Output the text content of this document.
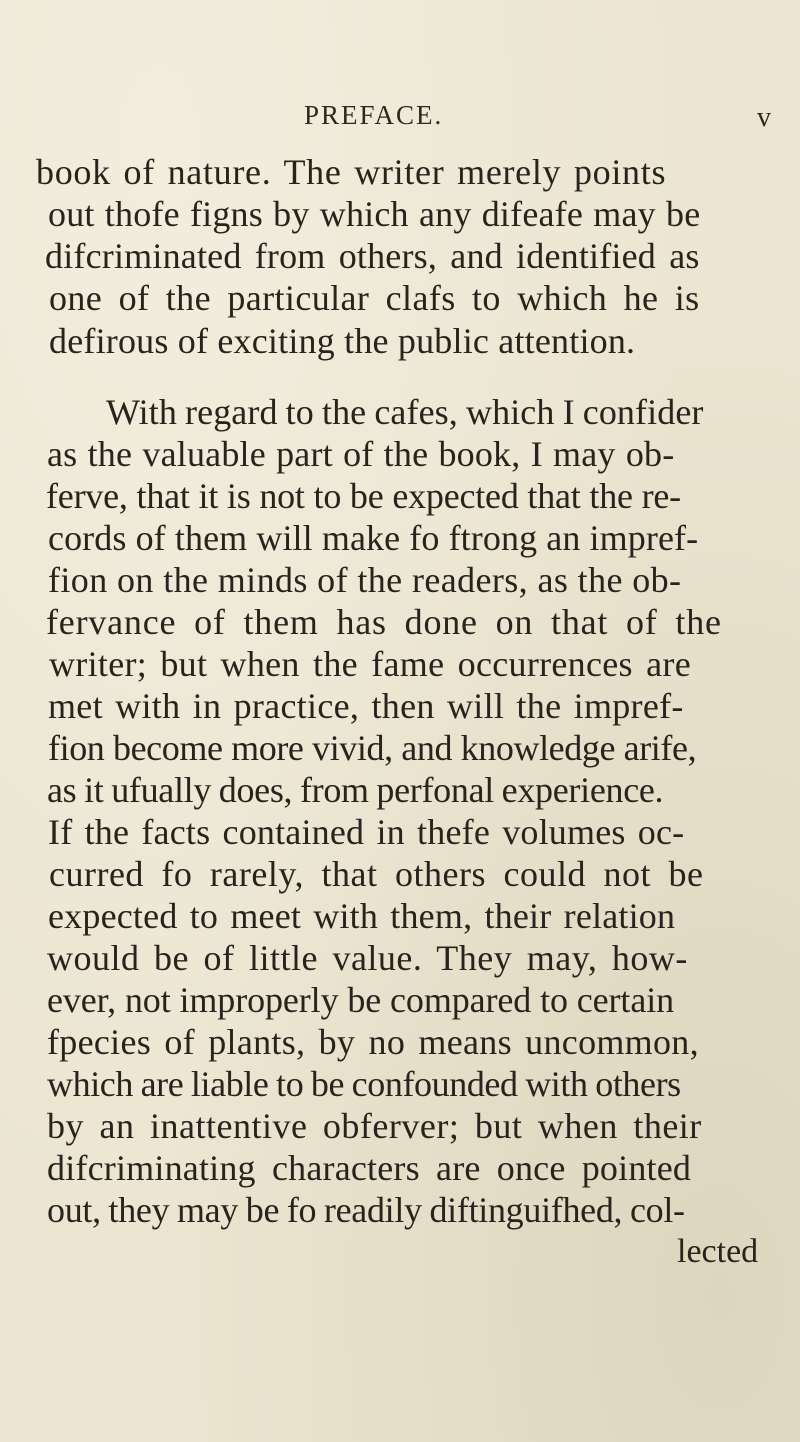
PREFACE.	v
book of nature. The writer merely points
out thofe figns by which any difeafe may be
difcriminated from others, and identified as
one of the particular clafs to which he is
defirous of exciting the public attention.
With regard to the cafes, which I confider
as the valuable part of the book, I may ob-
ferve, that it is not to be expected that the re-
cords of them will make fo ftrong an impref-
fion on the minds of the readers, as the ob-
fervance of them has done on that of the
writer; but when the fame occurrences are
met with in practice, then will the impref-
fion become more vivid, and knowledge arife,
as it ufually does, from perfonal experience.
If the facts contained in thefe volumes oc-
curred fo rarely, that others could not be
expected to meet with them, their relation
would be of little value. They may, how-
ever, not improperly be compared to certain
fpecies of plants, by no means uncommon,
which are liable to be confounded with others
by an inattentive obferver; but when their
difcriminating characters are once pointed
out, they may be fo readily diftinguifhed, col-
lected
